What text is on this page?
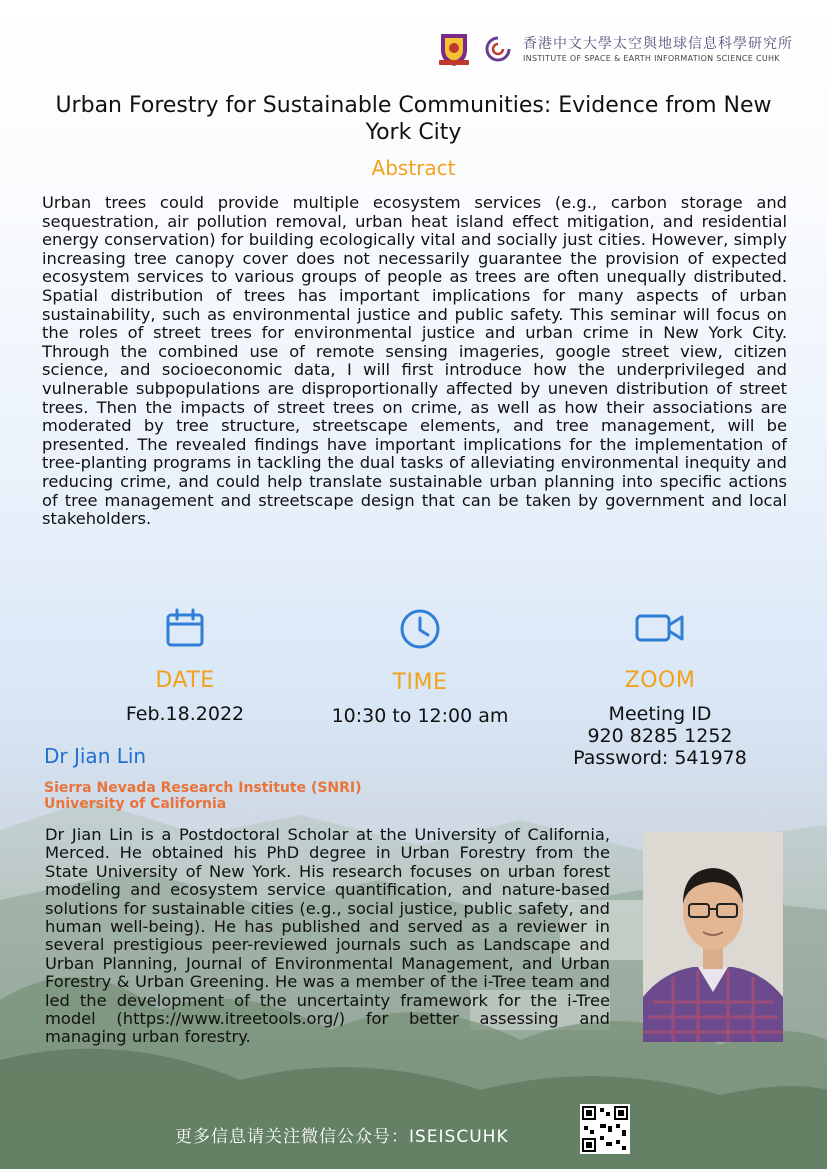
香港中文大學太空與地球信息科學研究所
INSTITUTE OF SPACE & EARTH INFORMATION SCIENCE CUHK
Urban Forestry for Sustainable Communities: Evidence from New York City
Abstract
Urban trees could provide multiple ecosystem services (e.g., carbon storage and sequestration, air pollution removal, urban heat island effect mitigation, and residential energy conservation) for building ecologically vital and socially just cities. However, simply increasing tree canopy cover does not necessarily guarantee the provision of expected ecosystem services to various groups of people as trees are often unequally distributed. Spatial distribution of trees has important implications for many aspects of urban sustainability, such as environmental justice and public safety. This seminar will focus on the roles of street trees for environmental justice and urban crime in New York City. Through the combined use of remote sensing imageries, google street view, citizen science, and socioeconomic data, I will first introduce how the underprivileged and vulnerable subpopulations are disproportionally affected by uneven distribution of street trees. Then the impacts of street trees on crime, as well as how their associations are moderated by tree structure, streetscape elements, and tree management, will be presented. The revealed findings have important implications for the implementation of tree-planting programs in tackling the dual tasks of alleviating environmental inequity and reducing crime, and could help translate sustainable urban planning into specific actions of tree management and streetscape design that can be taken by government and local stakeholders.
DATE
Feb.18.2022
TIME
10:30 to 12:00 am
ZOOM
Meeting ID
920 8285 1252
Password: 541978
Dr Jian Lin
Sierra Nevada Research Institute (SNRI)
University of California
Dr Jian Lin is a Postdoctoral Scholar at the University of California, Merced. He obtained his PhD degree in Urban Forestry from the State University of New York. His research focuses on urban forest modeling and ecosystem service quantification, and nature-based solutions for sustainable cities (e.g., social justice, public safety, and human well-being). He has published and served as a reviewer in several prestigious peer-reviewed journals such as Landscape and Urban Planning, Journal of Environmental Management, and Urban Forestry & Urban Greening. He was a member of the i-Tree team and led the development of the uncertainty framework for the i-Tree model (https://www.itreetools.org/) for better assessing and managing urban forestry.
更多信息请关注微信公众号：ISEISCUHK
